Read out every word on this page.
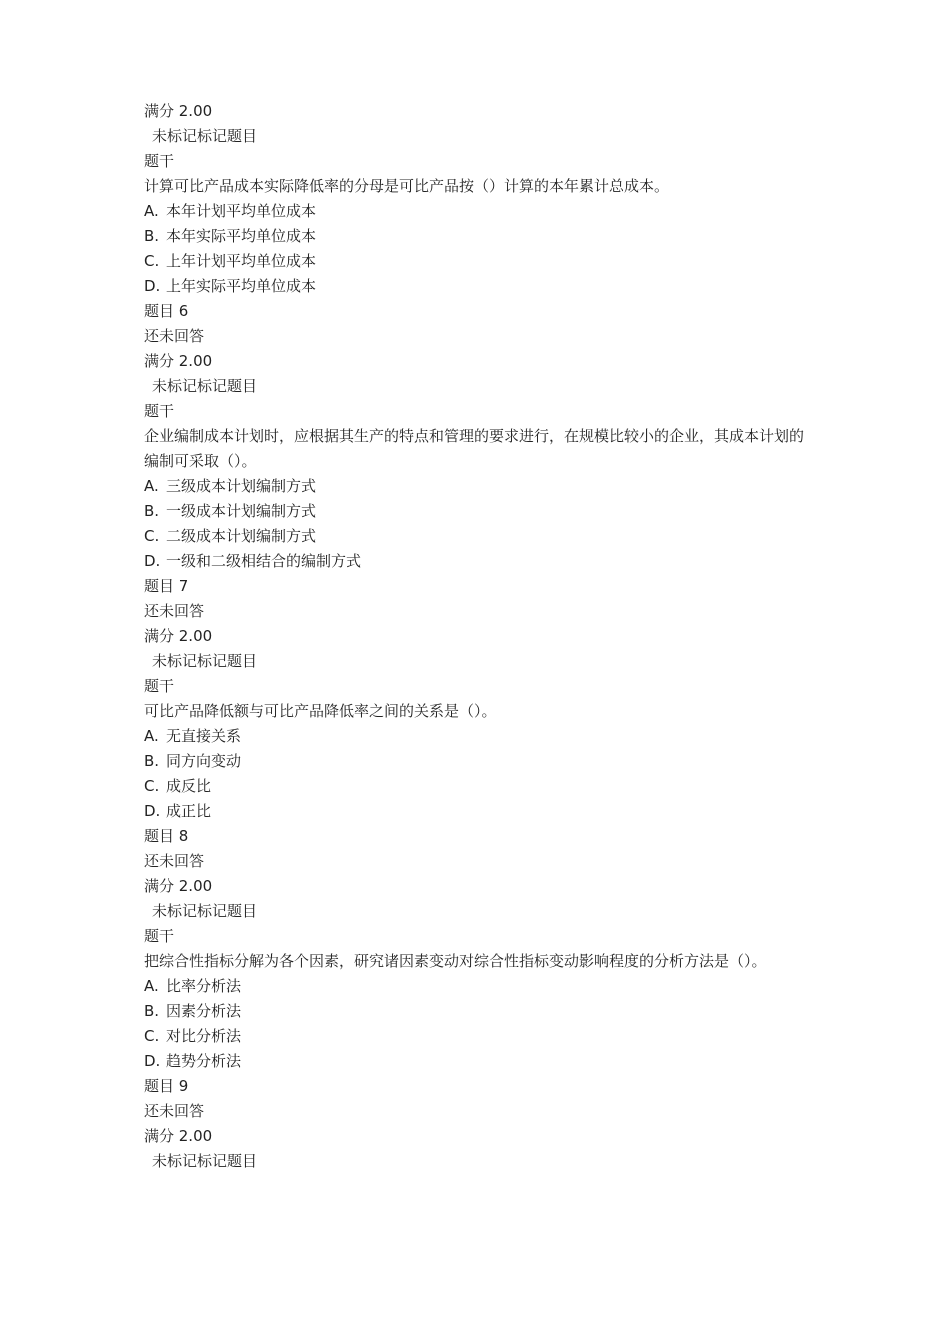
满分 2.00
未标记标记题目
题干
计算可比产品成本实际降低率的分母是可比产品按（）计算的本年累计总成本。
A. 本年计划平均单位成本
B. 本年实际平均单位成本
C. 上年计划平均单位成本
D. 上年实际平均单位成本
题目 6
还未回答
满分 2.00
未标记标记题目
题干
企业编制成本计划时，应根据其生产的特点和管理的要求进行，在规模比较小的企业，其成本计划的编制可采取（）。
A. 三级成本计划编制方式
B. 一级成本计划编制方式
C. 二级成本计划编制方式
D. 一级和二级相结合的编制方式
题目 7
还未回答
满分 2.00
未标记标记题目
题干
可比产品降低额与可比产品降低率之间的关系是（）。
A. 无直接关系
B. 同方向变动
C. 成反比
D. 成正比
题目 8
还未回答
满分 2.00
未标记标记题目
题干
把综合性指标分解为各个因素，研究诸因素变动对综合性指标变动影响程度的分析方法是（）。
A. 比率分析法
B. 因素分析法
C. 对比分析法
D. 趋势分析法
题目 9
还未回答
满分 2.00
未标记标记题目
